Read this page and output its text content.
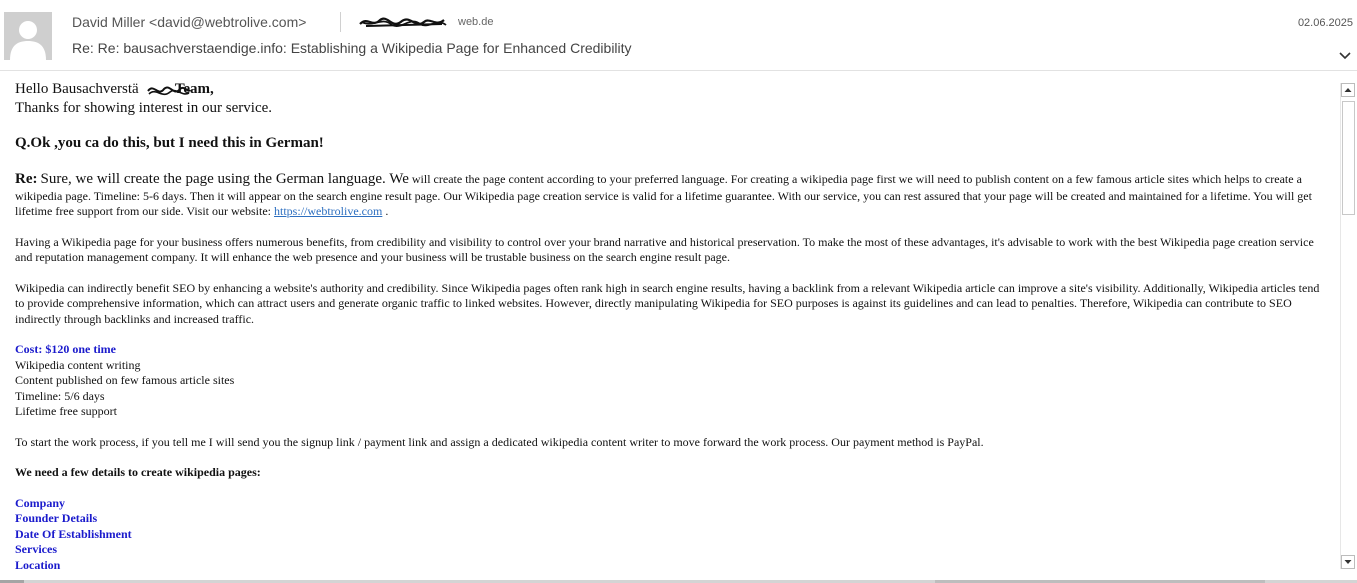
David Miller <david@webtrolive.com>	web.de	02.06.2025
Re: Re: bausachverstaendige.info: Establishing a Wikipedia Page for Enhanced Credibility

Hello Bausachverstä Team,

Thanks for showing interest in our service.

Q.Ok ,you ca do this, but I need this in German!

Re: Sure, we will create the page using the German language. We will create the page content according to your preferred language. For creating a wikipedia page first we will need to publish content on a few famous article sites which helps to create a wikipedia page. Timeline: 5-6 days. Then it will appear on the search engine result page. Our Wikipedia page creation service is valid for a lifetime guarantee. With our service, you can rest assured that your page will be created and maintained for a lifetime. You will get lifetime free support from our side. Visit our website: https://webtrolive.com .

Having a Wikipedia page for your business offers numerous benefits, from credibility and visibility to control over your brand narrative and historical preservation. To make the most of these advantages, it's advisable to work with the best Wikipedia page creation service and reputation management company. It will enhance the web presence and your business will be trustable business on the search engine result page.

Wikipedia can indirectly benefit SEO by enhancing a website's authority and credibility. Since Wikipedia pages often rank high in search engine results, having a backlink from a relevant Wikipedia article can improve a site's visibility. Additionally, Wikipedia articles tend to provide comprehensive information, which can attract users and generate organic traffic to linked websites. However, directly manipulating Wikipedia for SEO purposes is against its guidelines and can lead to penalties. Therefore, Wikipedia can contribute to SEO indirectly through backlinks and increased traffic.

Cost: $120 one time

Wikipedia content writing

Content published on few famous article sites

Timeline: 5/6 days

Lifetime free support

To start the work process, if you tell me I will send you the signup link / payment link and assign a dedicated wikipedia content writer to move forward the work process. Our payment method is PayPal.

We need a few details to create wikipedia pages:

Company

Founder Details

Date Of Establishment

Services

Location
